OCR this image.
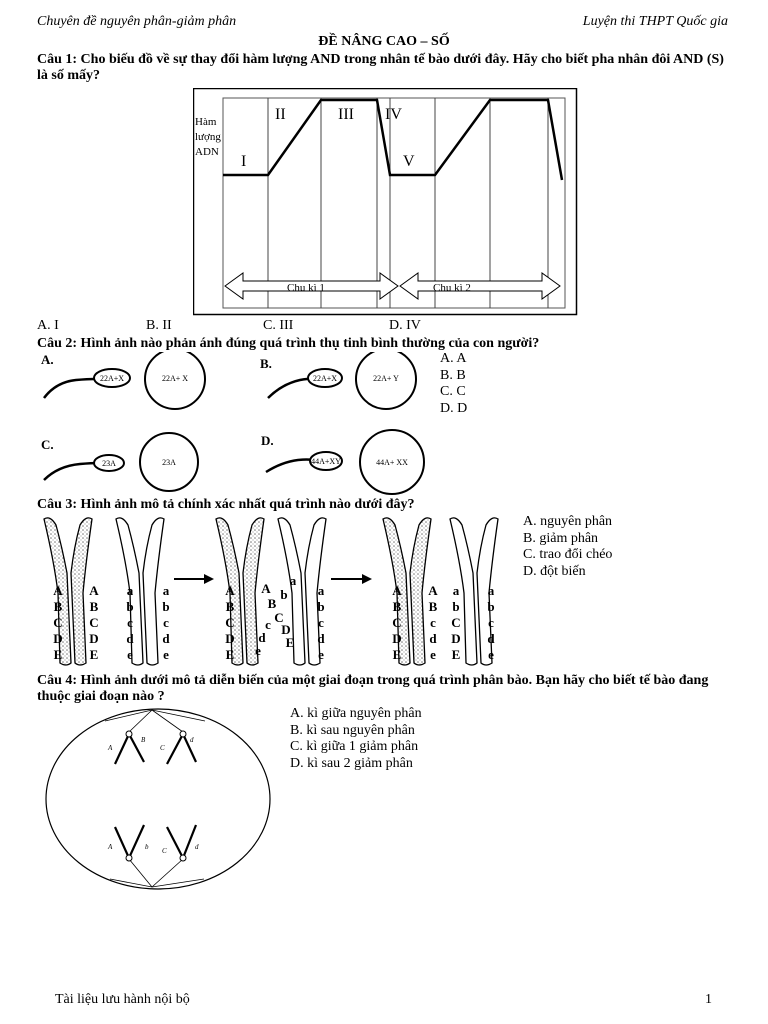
Chuyên đề nguyên phân-giảm phân	Luyện thi THPT Quốc gia
ĐỀ NÂNG CAO – SỐ
Câu 1: Cho biếu đồ về sự thay đổi hàm lượng AND trong nhân tế bào dưới đây. Hãy cho biết pha nhân đôi AND (S) là số mấy?
Hàm
lượng
ADN
I
II	III IV
V
Chu kì 1	Chu kì 2
A. I	B. II	C. III	D. IV
Câu 2: Hình ảnh nào phản ánh đúng quá trình thụ tinh bình thường của con người?
A.
22A+X	22A+ X
B.
22A+X	22A+ Y
C.
23A	23A
D.
44A+XY	44A+ XX
A. A
B. B
C. C
D. D
Câu 3: Hình ảnh mô tả chính xác nhất quá trình nào dưới đây?
A
B
C
D
E
A
B
C
D
E
a
b
c
d
e
a
b
c
d
e
A
B
C
D
E
A
B
C
D
E
a
b
c
d
e
a
b
c
d
e
A
B
C
D
E
A
B
C
D
E
a
b
c
d
e
a
b
c
d
e
A. nguyên phân
B. giảm phân
C. trao đổi chéo
D. đột biến
Câu 4: Hình ảnh dưới mô tả diễn biến của một giai đoạn trong quá trình phân bào. Bạn hãy cho biết tế bào đang thuộc giai đoạn nào ?
A
B
C
d
A	b C	d
A. kì giữa nguyên phân
B. kì sau nguyên phân
C. kì giữa 1 giảm phân
D. kì sau 2 giảm phân
Tài liệu lưu hành nội bộ	1
